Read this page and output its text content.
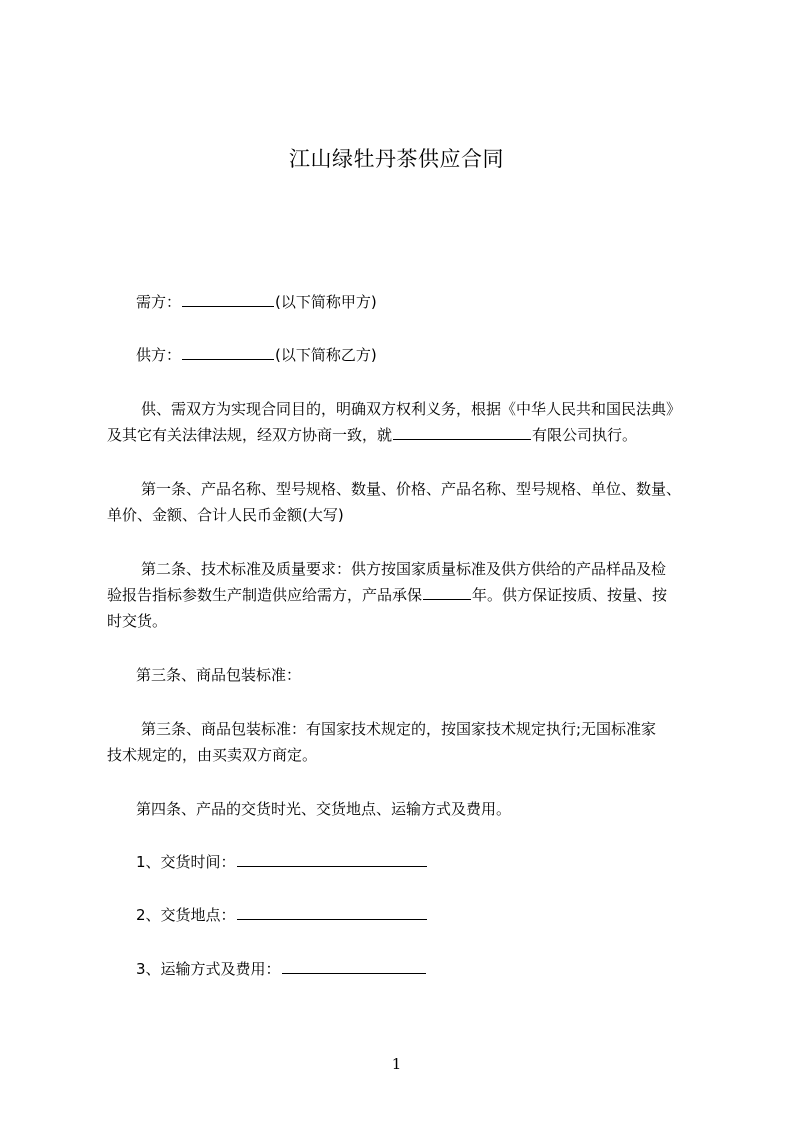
江山绿牡丹茶供应合同
需方：	(以下简称甲方)
供方：	(以下简称乙方)
供、需双方为实现合同目的，明确双方权利义务，根据《中华人民共和国民法典》
及其它有关法律法规，经双方协商一致，就	有限公司执行。
第一条、产品名称、型号规格、数量、价格、产品名称、型号规格、单位、数量、
单价、金额、合计人民币金额(大写)
第二条、技术标准及质量要求：供方按国家质量标准及供方供给的产品样品及检
验报告指标参数生产制造供应给需方，产品承保	年。供方保证按质、按量、按
时交货。
第三条、商品包装标准：
第三条、商品包装标准：有国家技术规定的，按国家技术规定执行;无国标准家
技术规定的，由买卖双方商定。
第四条、产品的交货时光、交货地点、运输方式及费用。
1、交货时间：
2、交货地点：
3、运输方式及费用：
1
